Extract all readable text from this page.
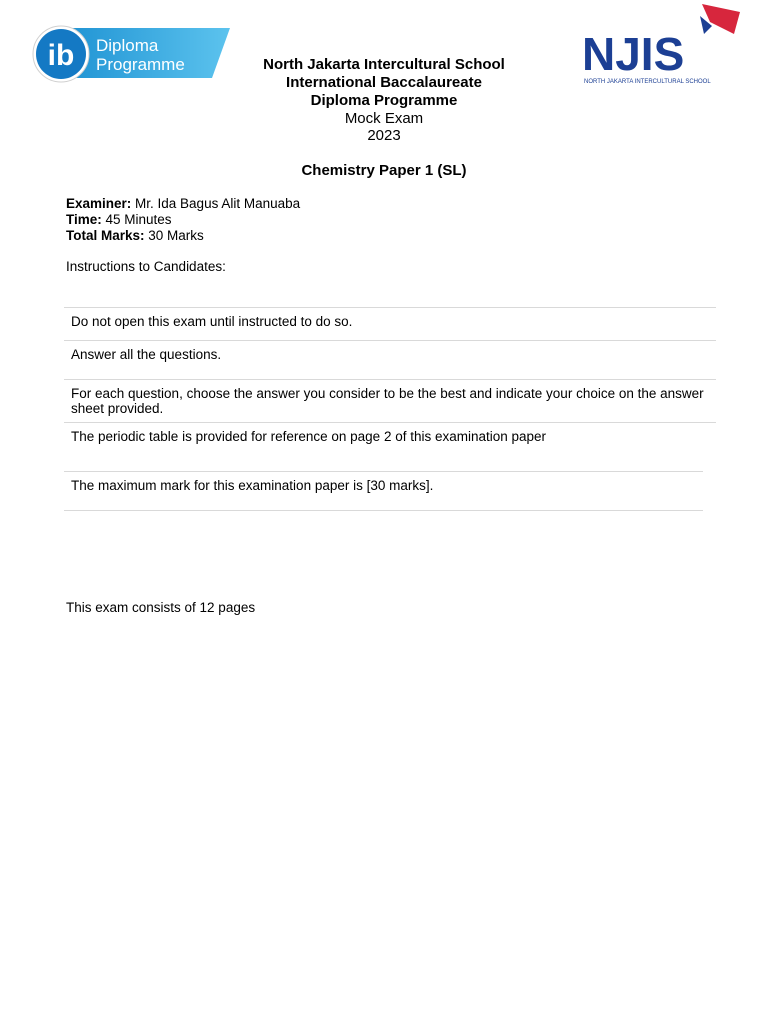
ib Diploma
Programme	NJIS
NORTH JAKARTA INTERCULTURAL SCHOOL
North Jakarta Intercultural School
International Baccalaureate
Diploma Programme
Mock Exam
2023
Chemistry Paper 1 (SL)
Examiner: Mr. Ida Bagus Alit Manuaba
Time: 45 Minutes
Total Marks: 30 Marks
Instructions to Candidates:
Do not open this exam until instructed to do so.
Answer all the questions.
For each question, choose the answer you consider to be the best and indicate your choice on the answer sheet provided.
The periodic table is provided for reference on page 2 of this examination paper
The maximum mark for this examination paper is [30 marks].
This exam consists of 12 pages
